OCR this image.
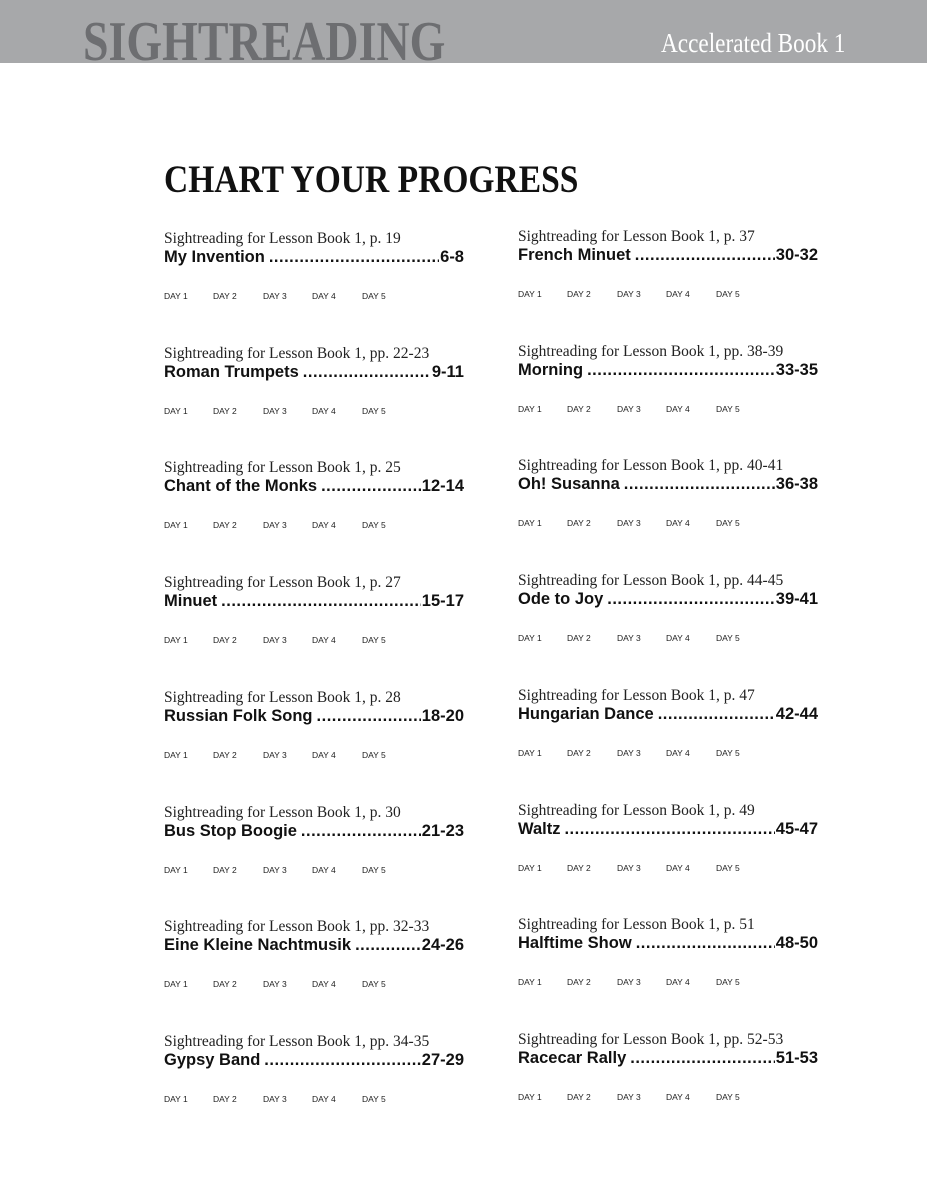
SIGHTREADING	Accelerated Book 1
CHART YOUR PROGRESS
Sightreading for Lesson Book 1, p. 19
My Invention .....	6-8
DAY 1	DAY 2	DAY 3	DAY 4	DAY 5
Sightreading for Lesson Book 1, pp. 22-23
Roman Trumpets .....	9-11
DAY 1	DAY 2	DAY 3	DAY 4	DAY 5
Sightreading for Lesson Book 1, p. 25
Chant of the Monks .....	12-14
DAY 1	DAY 2	DAY 3	DAY 4	DAY 5
Sightreading for Lesson Book 1, p. 27
Minuet .....	15-17
DAY 1	DAY 2	DAY 3	DAY 4	DAY 5
Sightreading for Lesson Book 1, p. 28
Russian Folk Song .....	18-20
DAY 1	DAY 2	DAY 3	DAY 4	DAY 5
Sightreading for Lesson Book 1, p. 30
Bus Stop Boogie .....	21-23
DAY 1	DAY 2	DAY 3	DAY 4	DAY 5
Sightreading for Lesson Book 1, pp. 32-33
Eine Kleine Nachtmusik .....	24-26
DAY 1	DAY 2	DAY 3	DAY 4	DAY 5
Sightreading for Lesson Book 1, pp. 34-35
Gypsy Band .....	27-29
DAY 1	DAY 2	DAY 3	DAY 4	DAY 5
Sightreading for Lesson Book 1, p. 37
French Minuet .....	30-32
DAY 1	DAY 2	DAY 3	DAY 4	DAY 5
Sightreading for Lesson Book 1, pp. 38-39
Morning .....	33-35
DAY 1	DAY 2	DAY 3	DAY 4	DAY 5
Sightreading for Lesson Book 1, pp. 40-41
Oh! Susanna .....	36-38
DAY 1	DAY 2	DAY 3	DAY 4	DAY 5
Sightreading for Lesson Book 1, pp. 44-45
Ode to Joy .....	39-41
DAY 1	DAY 2	DAY 3	DAY 4	DAY 5
Sightreading for Lesson Book 1, p. 47
Hungarian Dance .....	42-44
DAY 1	DAY 2	DAY 3	DAY 4	DAY 5
Sightreading for Lesson Book 1, p. 49
Waltz .....	45-47
DAY 1	DAY 2	DAY 3	DAY 4	DAY 5
Sightreading for Lesson Book 1, p. 51
Halftime Show .....	48-50
DAY 1	DAY 2	DAY 3	DAY 4	DAY 5
Sightreading for Lesson Book 1, pp. 52-53
Racecar Rally .....	51-53
DAY 1	DAY 2	DAY 3	DAY 4	DAY 5
